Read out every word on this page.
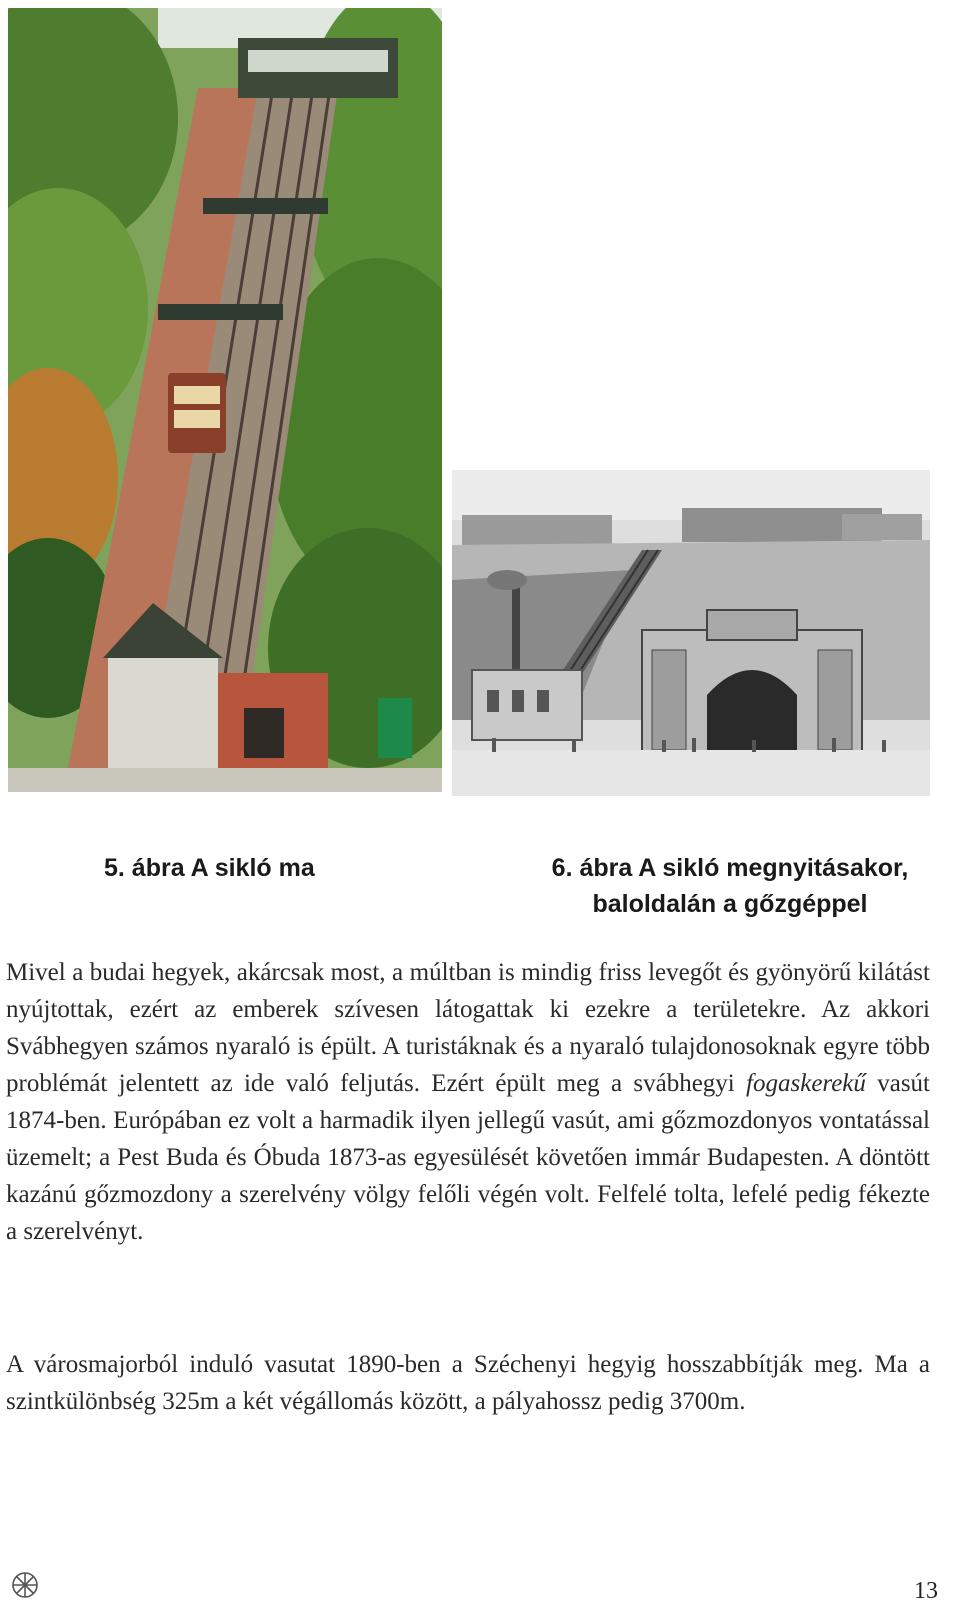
5. ábra A sikló ma	6. ábra A sikló megnyitásakor,
baloldalán a gőzgéppel

Mivel a budai hegyek, akárcsak most, a múltban is mindig friss levegőt és gyönyörű kilátást nyújtottak, ezért az emberek szívesen látogattak ki ezekre a területekre. Az akkori Svábhegyen számos nyaraló is épült. A turistáknak és a nyaraló tulajdonosoknak egyre több problémát jelentett az ide való feljutás. Ezért épült meg a svábhegyi fogaskerekű vasút 1874-ben. Európában ez volt a harmadik ilyen jellegű vasút, ami gőzmozdonyos vontatással üzemelt; a Pest Buda és Óbuda 1873-as egyesülését követően immár Budapesten. A döntött kazánú gőzmozdony a szerelvény völgy felőli végén volt. Felfelé tolta, lefelé pedig fékezte a szerelvényt.

A városmajorból induló vasutat 1890-ben a Széchenyi hegyig hosszabbítják meg. Ma a szintkülönbség 325m a két végállomás között, a pályahossz pedig 3700m.

13
